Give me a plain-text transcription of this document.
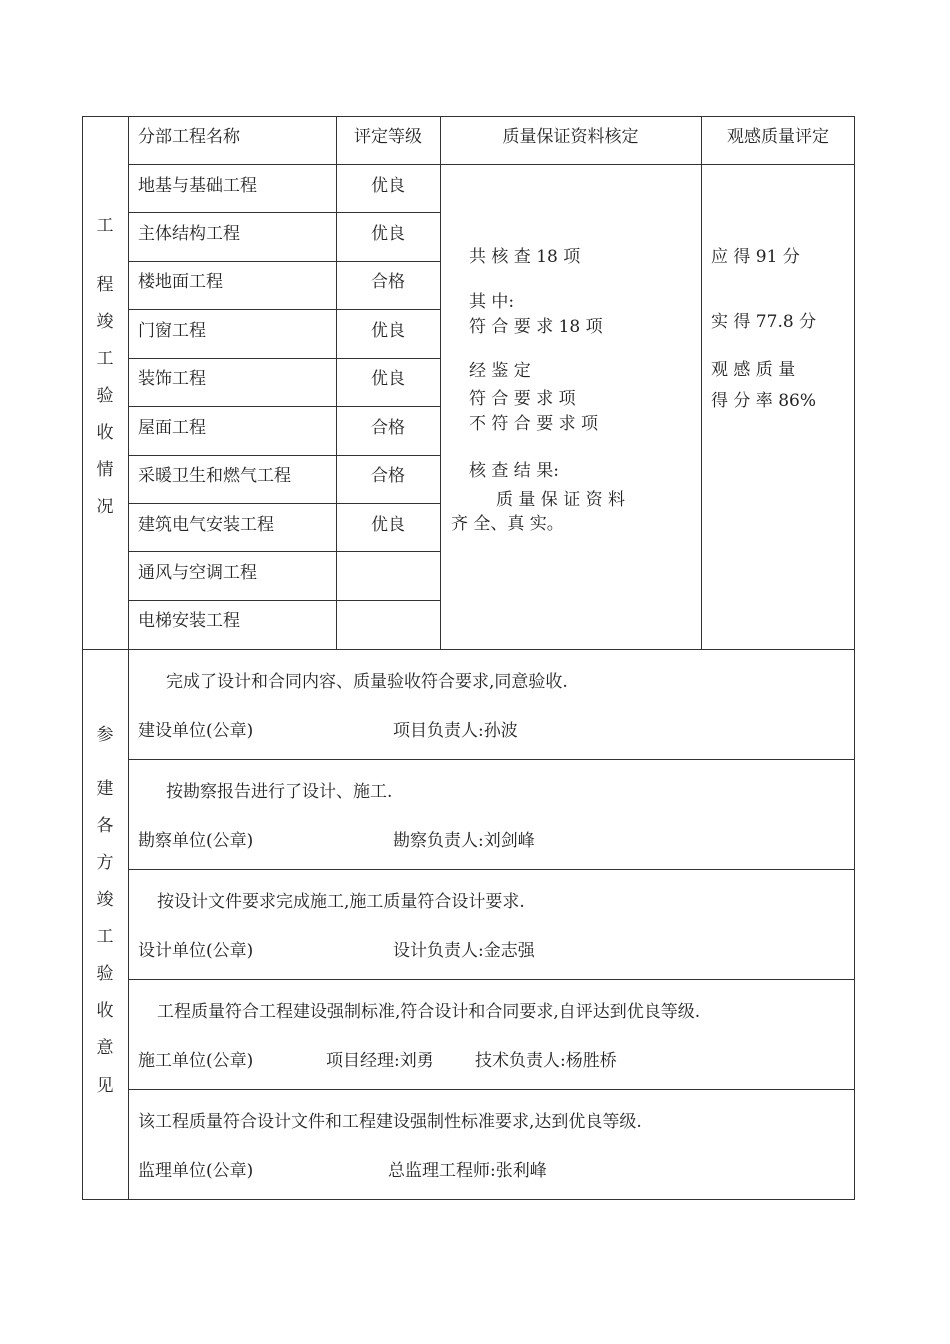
工
程
竣
工
验
收
情
况
分部工程名称	评定等级	质量保证资料核定	观感质量评定
地基与基础工程	优良
主体结构工程	优良
楼地面工程	合格
门窗工程	优良
装饰工程	优良
屋面工程	合格
采暖卫生和燃气工程	合格
建筑电气安装工程	优良
通风与空调工程
电梯安装工程
共 核 查 18 项
其 中:
符 合 要 求 18 项
经 鉴 定
符 合 要 求 项
不 符 合 要 求 项
核 查 结 果:
质 量 保 证 资 料
齐 全、真 实。
应 得 91 分
实 得 77.8 分
观 感 质 量
得 分 率 86%
参
建
各
方
竣
工
验
收
意
见
完成了设计和合同内容、质量验收符合要求,同意验收.
建设单位(公章)	项目负责人:孙波
按勘察报告进行了设计、施工.
勘察单位(公章)	勘察负责人:刘剑峰
按设计文件要求完成施工,施工质量符合设计要求.
设计单位(公章)	设计负责人:金志强
工程质量符合工程建设强制标准,符合设计和合同要求,自评达到优良等级.
施工单位(公章)	项目经理:刘勇 技术负责人:杨胜桥
该工程质量符合设计文件和工程建设强制性标准要求,达到优良等级.
监理单位(公章)	总监理工程师:张利峰
